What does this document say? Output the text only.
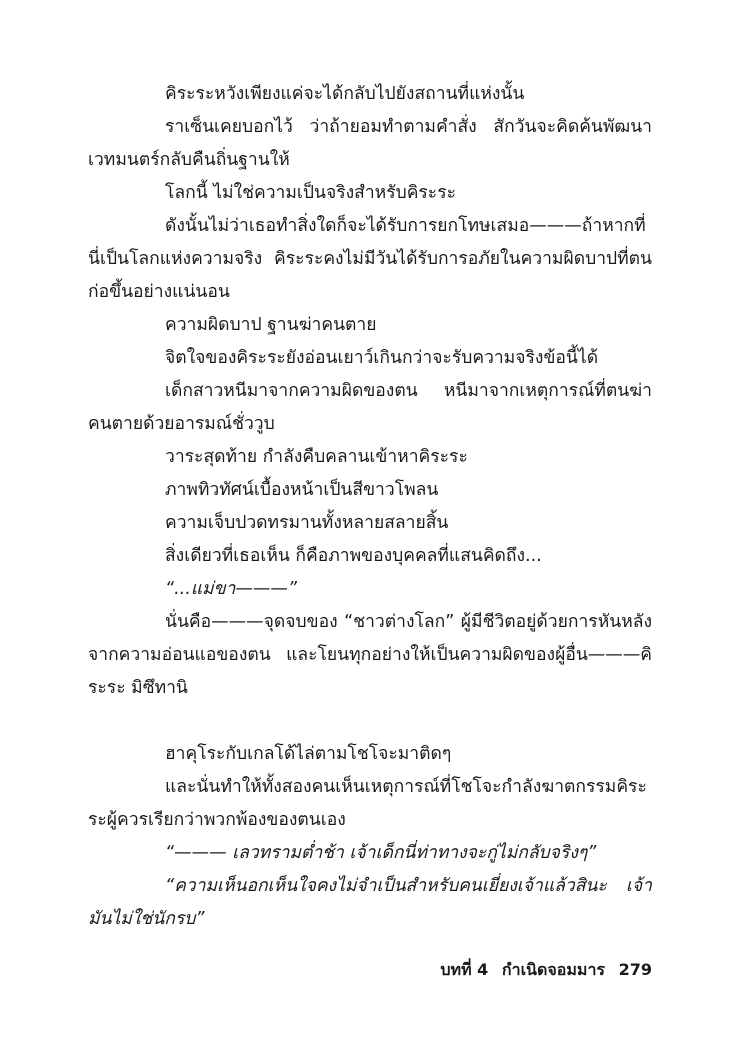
คิระระหวังเพียงแค่จะได้กลับไปยังสถานที่แห่งนั้น

ราเซ็นเคยบอกไว้ ว่าถ้ายอมทำตามคำสั่ง สักวันจะคิดค้นพัฒนาเวทมนตร์กลับคืนถิ่นฐานให้

โลกนี้ ไม่ใช่ความเป็นจริงสำหรับคิระระ

ดังนั้นไม่ว่าเธอทำสิ่งใดก็จะได้รับการยกโทษเสมอ———ถ้าหากที่นี่เป็นโลกแห่งความจริง คิระระคงไม่มีวันได้รับการอภัยในความผิดบาปที่ตนก่อขึ้นอย่างแน่นอน

ความผิดบาป ฐานฆ่าคนตาย

จิตใจของคิระระยังอ่อนเยาว์เกินกว่าจะรับความจริงข้อนี้ได้

เด็กสาวหนีมาจากความผิดของตน หนีมาจากเหตุการณ์ที่ตนฆ่าคนตายด้วยอารมณ์ชั่ววูบ

วาระสุดท้าย กำลังคืบคลานเข้าหาคิระระ

ภาพทิวทัศน์เบื้องหน้าเป็นสีขาวโพลน

ความเจ็บปวดทรมานทั้งหลายสลายสิ้น

สิ่งเดียวที่เธอเห็น ก็คือภาพของบุคคลที่แสนคิดถึง...

“...แม่ขา———”

นั่นคือ———จุดจบของ “ชาวต่างโลก” ผู้มีชีวิตอยู่ด้วยการหันหลังจากความอ่อนแอของตน และโยนทุกอย่างให้เป็นความผิดของผู้อื่น———คิระระ มิซึทานิ

ฮาคุโระกับเกลโด้ไล่ตามโชโจะมาติดๆ

และนั่นทำให้ทั้งสองคนเห็นเหตุการณ์ที่โชโจะกำลังฆาตกรรมคิระระผู้ควรเรียกว่าพวกพ้องของตนเอง

“——— เลวทรามต่ำช้า เจ้าเด็กนี่ท่าทางจะกู่ไม่กลับจริงๆ”

“ความเห็นอกเห็นใจคงไม่จำเป็นสำหรับคนเยี่ยงเจ้าแล้วสินะ เจ้ามันไม่ใช่นักรบ”

บทที่ 4 กำเนิดจอมมาร 279
